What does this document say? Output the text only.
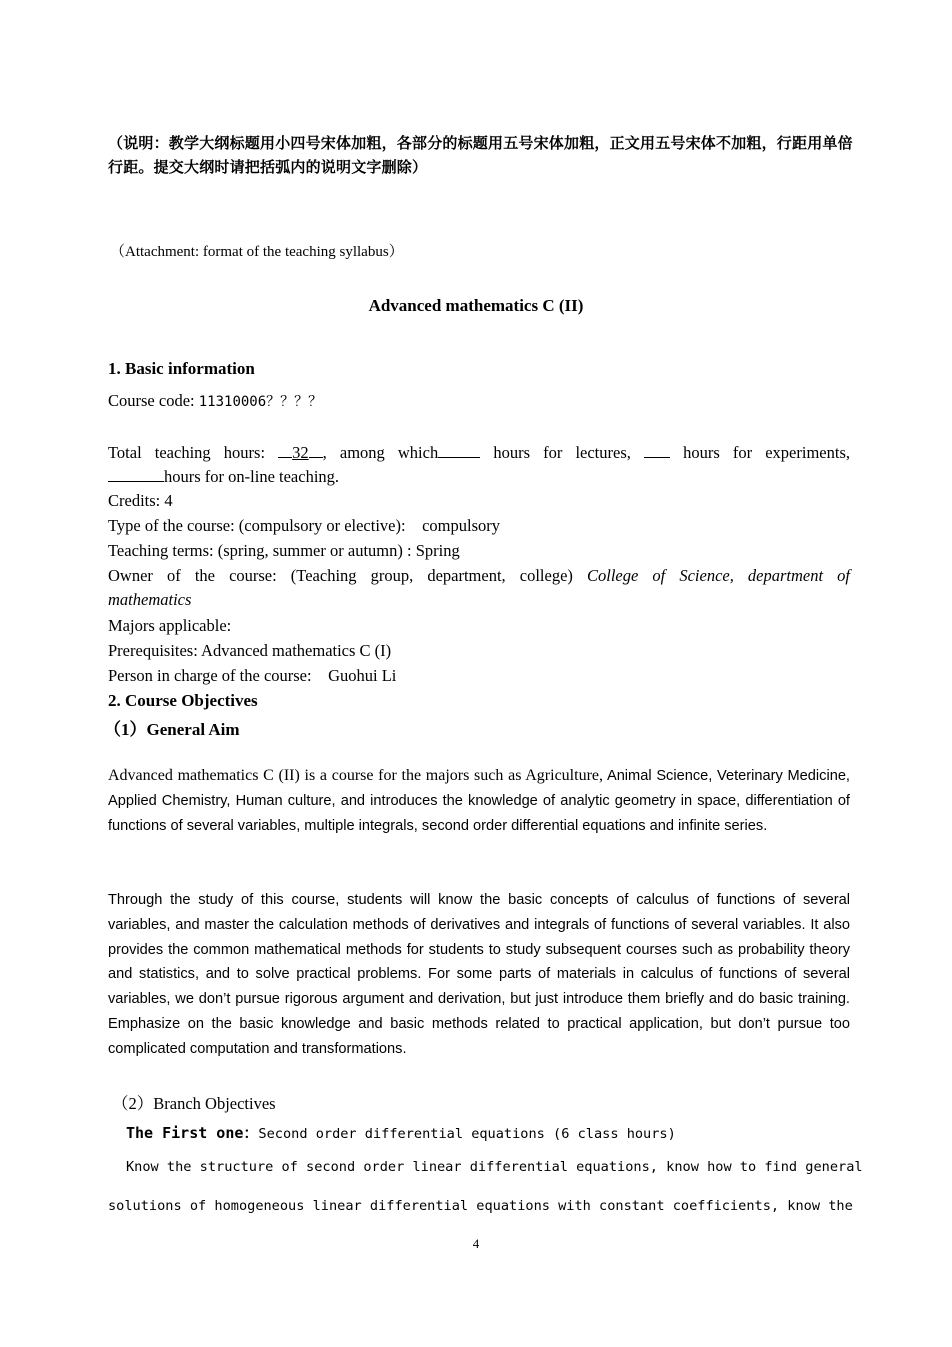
（说明：教学大纲标题用小四号宋体加粗，各部分的标题用五号宋体加粗，正文用五号宋体不加粗，行距用单倍行距。提交大纲时请把括弧内的说明文字删除）
（Attachment: format of the teaching syllabus）
Advanced mathematics C (II)
1. Basic information
Course code: 11310006？？？？
Total teaching hours: 32 , among which	hours for lectures,	hours for experiments,
hours for on-line teaching.
Credits: 4
Type of the course: (compulsory or elective):    compulsory
Teaching terms: (spring, summer or autumn) : Spring
Owner of the course: (Teaching group, department, college) College of Science, department of
mathematics
Majors applicable:
Prerequisites: Advanced mathematics C (I)
Person in charge of the course:    Guohui Li
2. Course Objectives
（1）General Aim
Advanced mathematics C (II) is a course for the majors such as Agriculture, Animal Science, Veterinary Medicine, Applied Chemistry, Human culture, and introduces the knowledge of analytic geometry in space, differentiation of functions of several variables, multiple integrals, second order differential equations and infinite series.
Through the study of this course, students will know the basic concepts of calculus of functions of several variables, and master the calculation methods of derivatives and integrals of functions of several variables. It also provides the common mathematical methods for students to study subsequent courses such as probability theory and statistics, and to solve practical problems. For some parts of materials in calculus of functions of several variables, we don’t pursue rigorous argument and derivation, but just introduce them briefly and do basic training. Emphasize on the basic knowledge and basic methods related to practical application, but don’t pursue too complicated computation and transformations.
（2）Branch Objectives
The First one：Second order differential equations (6 class hours)
Know the structure of second order linear differential equations, know how to find general
solutions of homogeneous linear differential equations with constant coefficients, know the
4
